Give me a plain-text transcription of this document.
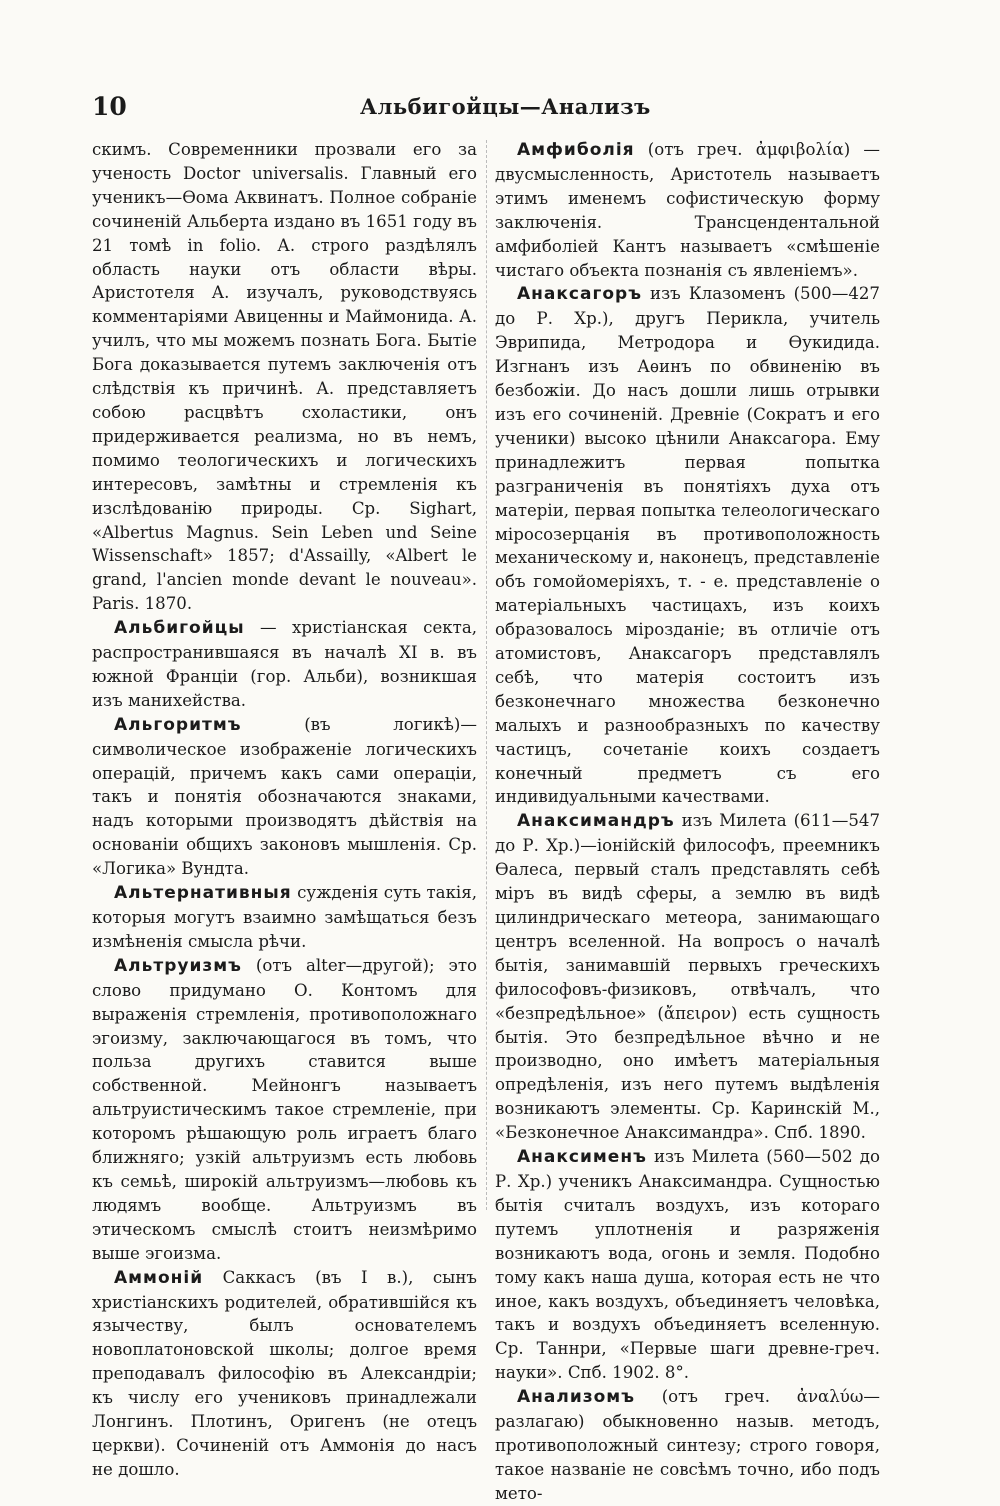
10	Альбигойцы—Анализъ

скимъ. Современники прозвали его за ученость Doctor universalis. Главный его ученикъ—Ѳома Аквинатъ. Полное собраніе сочиненій Альберта издано въ 1651 году въ 21 томѣ in folio. А. строго раздѣлялъ область науки отъ области вѣры. Аристотеля А. изучалъ, руководствуясь комментаріями Авиценны и Маймонида. А. училъ, что мы можемъ познать Бога. Бытіе Бога доказывается путемъ заключенія отъ слѣдствія къ причинѣ. А. представляетъ собою расцвѣтъ схоластики, онъ придерживается реализма, но въ немъ, помимо теологическихъ и логическихъ интересовъ, замѣтны и стремленія къ изслѣдованію природы. Ср. Sighart, «Albertus Magnus. Sein Leben und Seine Wissenschaft» 1857; d'Assailly, «Albert le grand, l'ancien monde devant le nouveau». Paris. 1870.

Альбигойцы — христіанская секта, распространившаяся въ началѣ XI в. въ южной Франціи (гор. Альби), возникшая изъ манихейства.

Альгоритмъ (въ логикѣ)—символическое изображеніе логическихъ операцій, причемъ какъ сами операціи, такъ и понятія обозначаются знаками, надъ которыми производятъ дѣйствія на основаніи общихъ законовъ мышленія. Ср. «Логика» Вундта.

Альтернативныя сужденія суть такія, которыя могутъ взаимно замѣщаться безъ измѣненія смысла рѣчи.

Альтруизмъ (отъ alter—другой); это слово придумано О. Контомъ для выраженія стремленія, противоположнаго эгоизму, заключающагося въ томъ, что польза другихъ ставится выше собственной. Мейнонгъ называетъ альтруистическимъ такое стремленіе, при которомъ рѣшающую роль играетъ благо ближняго; узкій альтруизмъ есть любовь къ семьѣ, широкій альтруизмъ—любовь къ людямъ вообще. Альтруизмъ въ этическомъ смыслѣ стоитъ неизмѣримо выше эгоизма.

Аммоній Саккасъ (въ I в.), сынъ христіанскихъ родителей, обратившійся къ язычеству, былъ основателемъ новоплатоновской школы; долгое время преподавалъ философію въ Александріи; къ числу его учениковъ принадлежали Лонгинъ. Плотинъ, Оригенъ (не отецъ церкви). Сочиненій отъ Аммонія до насъ не дошло.

Амфиболія (отъ греч. ἀμφιβολία) — двусмысленность, Аристотель называетъ этимъ именемъ софистическую форму заключенія. Трансцендентальной амфиболіей Кантъ называетъ «смѣшеніе чистаго объекта познанія съ явленіемъ».

Анаксагоръ изъ Клазоменъ (500—427 до Р. Хр.), другъ Перикла, учитель Эврипида, Метродора и Ѳукидида. Изгнанъ изъ Аѳинъ по обвиненію въ безбожіи. До насъ дошли лишь отрывки изъ его сочиненій. Древніе (Сократъ и его ученики) высоко цѣнили Анаксагора. Ему принадлежитъ первая попытка разграниченія въ понятіяхъ духа отъ матеріи, первая попытка телеологическаго міросозерцанія въ противоположность механическому и, наконецъ, представленіе объ гомойомеріяхъ, т. - е. представленіе о матеріальныхъ частицахъ, изъ коихъ образовалось мірозданіе; въ отличіе отъ атомистовъ, Анаксагоръ представлялъ себѣ, что матерія состоитъ изъ безконечнаго множества безконечно малыхъ и разнообразныхъ по качеству частицъ, сочетаніе коихъ создаетъ конечный предметъ съ его индивидуальными качествами.

Анаксимандръ изъ Милета (611—547 до Р. Хр.)—іонійскій философъ, преемникъ Ѳалеса, первый сталъ представлять себѣ міръ въ видѣ сферы, а землю въ видѣ цилиндрическаго метеора, занимающаго центръ вселенной. На вопросъ о началѣ бытія, занимавшій первыхъ греческихъ философовъ-физиковъ, отвѣчалъ, что «безпредѣльное» (ἄπειρον) есть сущность бытія. Это безпредѣльное вѣчно и не производно, оно имѣетъ матеріальныя опредѣленія, изъ него путемъ выдѣленія возникаютъ элементы. Ср. Каринскій М., «Безконечное Анаксимандра». Спб. 1890.

Анаксименъ изъ Милета (560—502 до Р. Хр.) ученикъ Анаксимандра. Сущностью бытія считалъ воздухъ, изъ котораго путемъ уплотненія и разряженія возникаютъ вода, огонь и земля. Подобно тому какъ наша душа, которая есть не что иное, какъ воздухъ, объединяетъ человѣка, такъ и воздухъ объединяетъ вселенную. Ср. Таннри, «Первые шаги древне-греч. науки». Спб. 1902. 8°.

Анализомъ (отъ греч. ἀναλύω—разлагаю) обыкновенно назыв. методъ, противоположный синтезу; строго говоря, такое названіе не совсѣмъ точно, ибо подъ мето-
